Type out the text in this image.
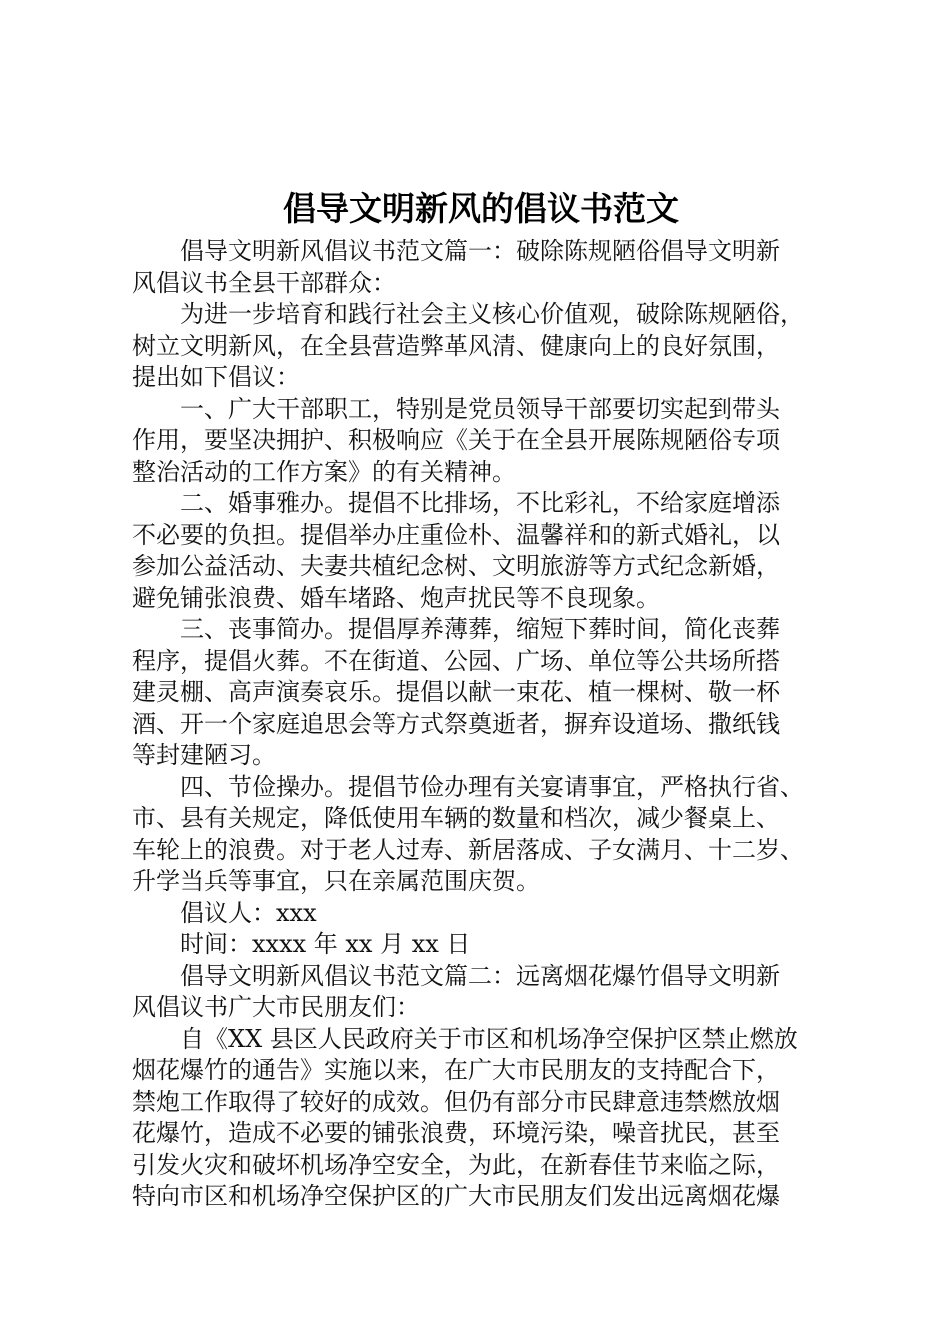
倡导文明新风的倡议书范文
倡导文明新风倡议书范文篇一：破除陈规陋俗倡导文明新
风倡议书全县干部群众：
为进一步培育和践行社会主义核心价值观，破除陈规陋俗，
树立文明新风，在全县营造弊革风清、健康向上的良好氛围，
提出如下倡议：
一、广大干部职工，特别是党员领导干部要切实起到带头
作用，要坚决拥护、积极响应《关于在全县开展陈规陋俗专项
整治活动的工作方案》的有关精神。
二、婚事雅办。提倡不比排场，不比彩礼，不给家庭增添
不必要的负担。提倡举办庄重俭朴、温馨祥和的新式婚礼，以
参加公益活动、夫妻共植纪念树、文明旅游等方式纪念新婚，
避免铺张浪费、婚车堵路、炮声扰民等不良现象。
三、丧事简办。提倡厚养薄葬，缩短下葬时间，简化丧葬
程序，提倡火葬。不在街道、公园、广场、单位等公共场所搭
建灵棚、高声演奏哀乐。提倡以献一束花、植一棵树、敬一杯
酒、开一个家庭追思会等方式祭奠逝者，摒弃设道场、撒纸钱
等封建陋习。
四、节俭操办。提倡节俭办理有关宴请事宜，严格执行省、
市、县有关规定，降低使用车辆的数量和档次，减少餐桌上、
车轮上的浪费。对于老人过寿、新居落成、子女满月、十二岁、
升学当兵等事宜，只在亲属范围庆贺。
倡议人：xxx
时间：xxxx 年 xx 月 xx 日
倡导文明新风倡议书范文篇二：远离烟花爆竹倡导文明新
风倡议书广大市民朋友们：
自《XX 县区人民政府关于市区和机场净空保护区禁止燃放
烟花爆竹的通告》实施以来，在广大市民朋友的支持配合下，
禁炮工作取得了较好的成效。但仍有部分市民肆意违禁燃放烟
花爆竹，造成不必要的铺张浪费，环境污染，噪音扰民，甚至
引发火灾和破坏机场净空安全，为此，在新春佳节来临之际，
特向市区和机场净空保护区的广大市民朋友们发出远离烟花爆
